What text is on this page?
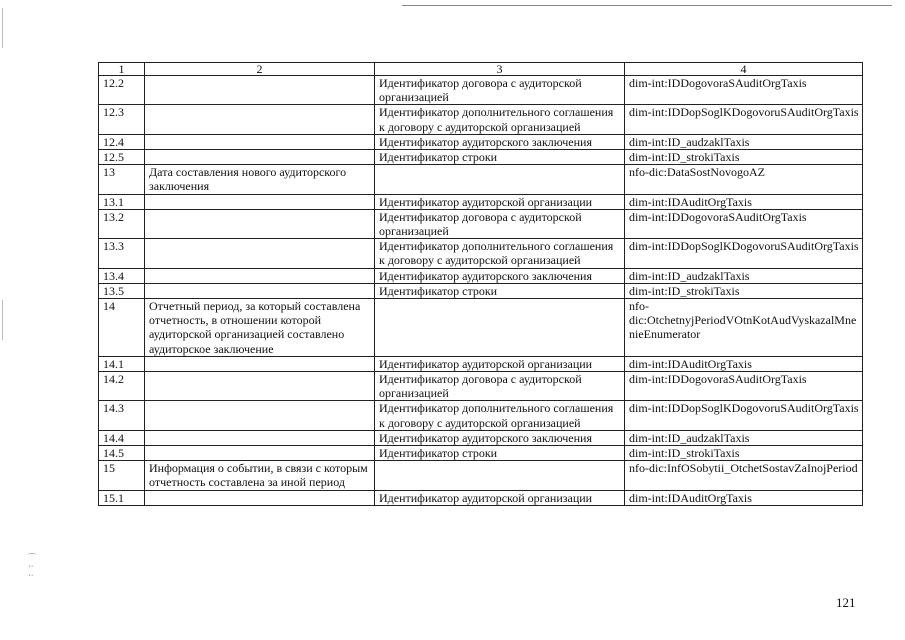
⌒
⋅⋅
⋅⋅
1	2	3	4
12.2		Идентификатор договора с аудиторской организацией	dim-int:IDDogovoraSAuditOrgTaxis
12.3		Идентификатор дополнительного соглашения к договору с аудиторской организацией	dim-int:IDDopSoglKDogovoruSAuditOrgTaxis
12.4		Идентификатор аудиторского заключения	dim-int:ID_audzaklTaxis
12.5		Идентификатор строки	dim-int:ID_strokiTaxis
13	Дата составления нового аудиторского заключения		nfo-dic:DataSostNovogoAZ
13.1		Идентификатор аудиторской организации	dim-int:IDAuditOrgTaxis
13.2		Идентификатор договора с аудиторской организацией	dim-int:IDDogovoraSAuditOrgTaxis
13.3		Идентификатор дополнительного соглашения к договору с аудиторской организацией	dim-int:IDDopSoglKDogovoruSAuditOrgTaxis
13.4		Идентификатор аудиторского заключения	dim-int:ID_audzaklTaxis
13.5		Идентификатор строки	dim-int:ID_strokiTaxis
14	Отчетный период, за который составлена отчетность, в отношении которой аудиторской организацией составлено аудиторское заключение		nfo-dic:OtchetnyjPeriodVOtnKotAudVyskazalMnenieEnumerator
14.1		Идентификатор аудиторской организации	dim-int:IDAuditOrgTaxis
14.2		Идентификатор договора с аудиторской организацией	dim-int:IDDogovoraSAuditOrgTaxis
14.3		Идентификатор дополнительного соглашения к договору с аудиторской организацией	dim-int:IDDopSoglKDogovoruSAuditOrgTaxis
14.4		Идентификатор аудиторского заключения	dim-int:ID_audzaklTaxis
14.5		Идентификатор строки	dim-int:ID_strokiTaxis
15	Информация о событии, в связи с которым отчетность составлена за иной период		nfo-dic:InfOSobytii_OtchetSostavZaInojPeriod
15.1		Идентификатор аудиторской организации	dim-int:IDAuditOrgTaxis
121
